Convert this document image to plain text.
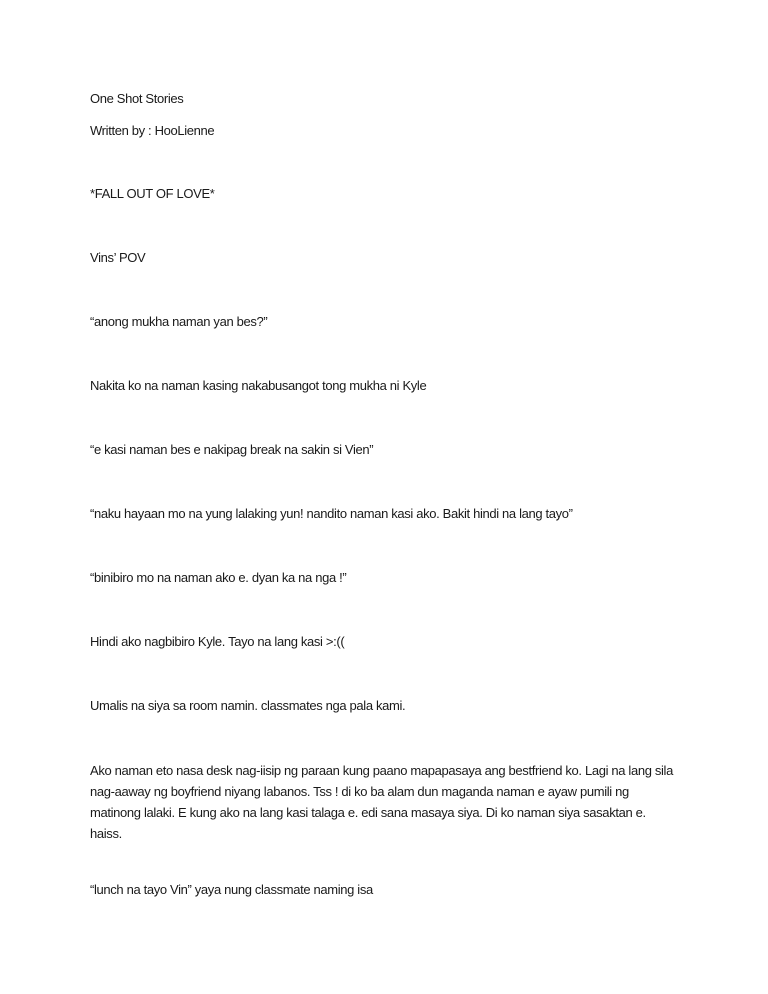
One Shot Stories

Written by : HooLienne

*FALL OUT OF LOVE*

Vins’ POV

“anong mukha naman yan bes?”

Nakita ko na naman kasing nakabusangot tong mukha ni Kyle

“e kasi naman bes e nakipag break na sakin si Vien”

“naku hayaan mo na yung lalaking yun! nandito naman kasi ako. Bakit hindi na lang tayo”

“binibiro mo na naman ako e. dyan ka na nga !”

Hindi ako nagbibiro Kyle. Tayo na lang kasi >:((

Umalis na siya sa room namin. classmates nga pala kami.

Ako naman eto nasa desk nag-iisip ng paraan kung paano mapapasaya ang bestfriend ko. Lagi na lang sila nag-aaway ng boyfriend niyang labanos. Tss ! di ko ba alam dun maganda naman e ayaw pumili ng matinong lalaki. E kung ako na lang kasi talaga e. edi sana masaya siya. Di ko naman siya sasaktan e. haiss.

“lunch na tayo Vin” yaya nung classmate naming isa
